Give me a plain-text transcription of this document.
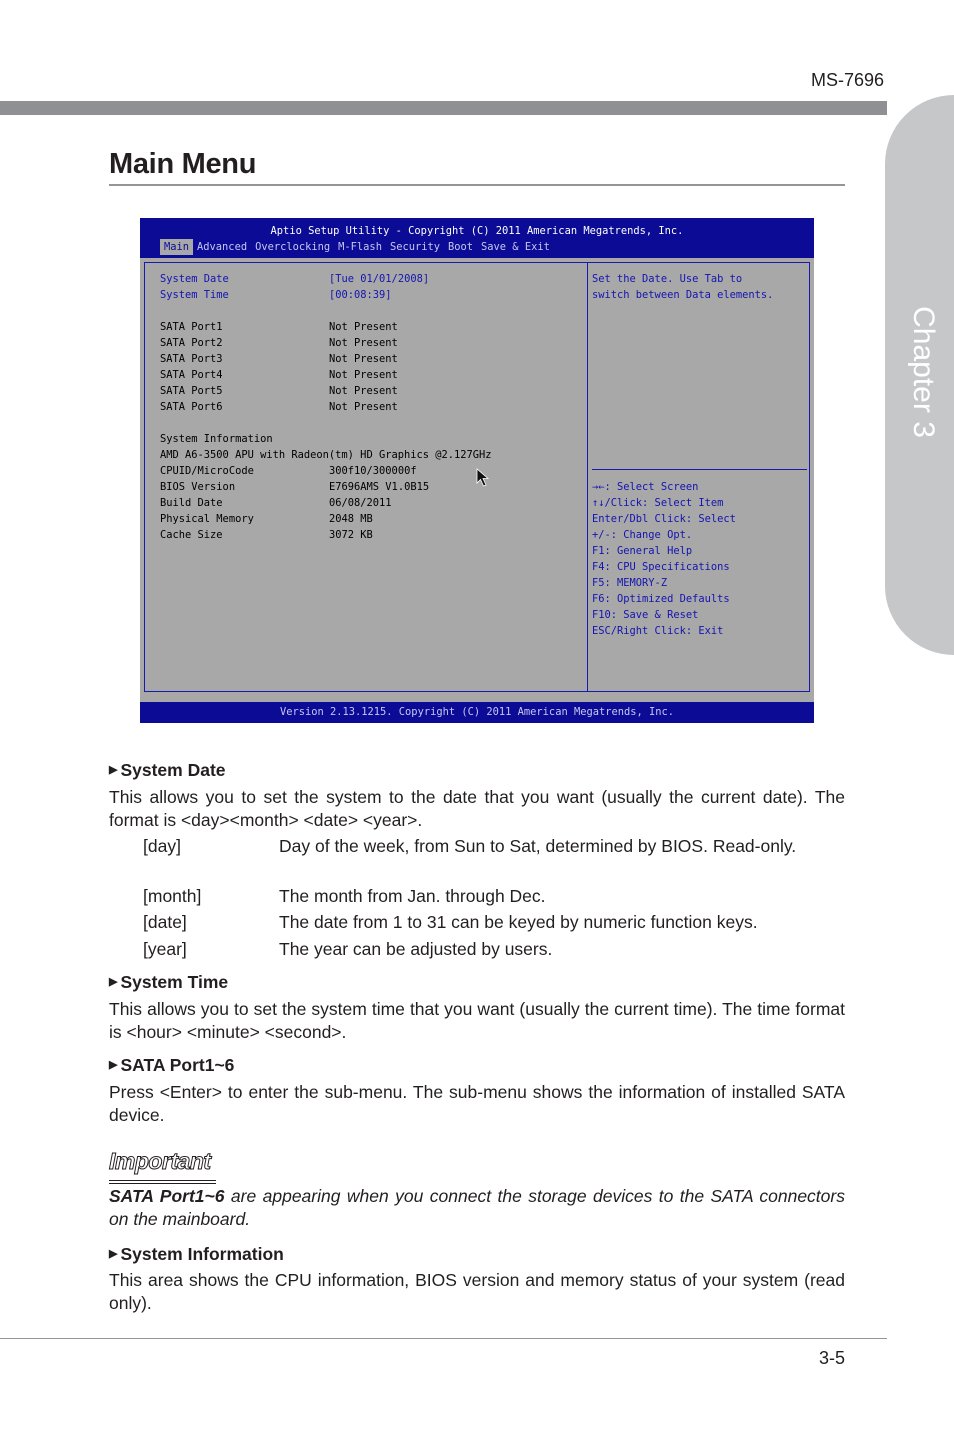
MS-7696
Chapter 3
Main Menu
Aptio Setup Utility - Copyright (C) 2011 American Megatrends, Inc.
Main Advanced Overclocking M-Flash Security Boot Save & Exit
System Date	[Tue 01/01/2008]
System Time	[00:08:39]
SATA Port1	Not Present
SATA Port2	Not Present
SATA Port3	Not Present
SATA Port4	Not Present
SATA Port5	Not Present
SATA Port6	Not Present
System Information
AMD A6-3500 APU with Radeon(tm) HD Graphics @2.127GHz
CPUID/MicroCode	300f10/300000f
BIOS Version	E7696AMS V1.0B15
Build Date	06/08/2011
Physical Memory	2048 MB
Cache Size	3072 KB
Set the Date. Use Tab to
switch between Data elements.
→←: Select Screen
↑↓/Click: Select Item
Enter/Dbl Click: Select
+/-: Change Opt.
F1: General Help
F4: CPU Specifications
F5: MEMORY-Z
F6: Optimized Defaults
F10: Save & Reset
ESC/Right Click: Exit
Version 2.13.1215. Copyright (C) 2011 American Megatrends, Inc.
▶ System Date
This allows you to set the system to the date that you want (usually the current date). The format is <day><month> <date> <year>.
[day]	Day of the week, from Sun to Sat, determined by BIOS. Read-only.
[month]	The month from Jan. through Dec.
[date]	The date from 1 to 31 can be keyed by numeric function keys.
[year]	The year can be adjusted by users.
▶ System Time
This allows you to set the system time that you want (usually the current time). The time format is <hour> <minute> <second>.
▶ SATA Port1~6
Press <Enter> to enter the sub-menu. The sub-menu shows the information of installed SATA device.
Important
SATA Port1~6 are appearing when you connect the storage devices to the SATA connectors on the mainboard.
▶ System Information
This area shows the CPU information, BIOS version and memory status of your system (read only).
3-5
